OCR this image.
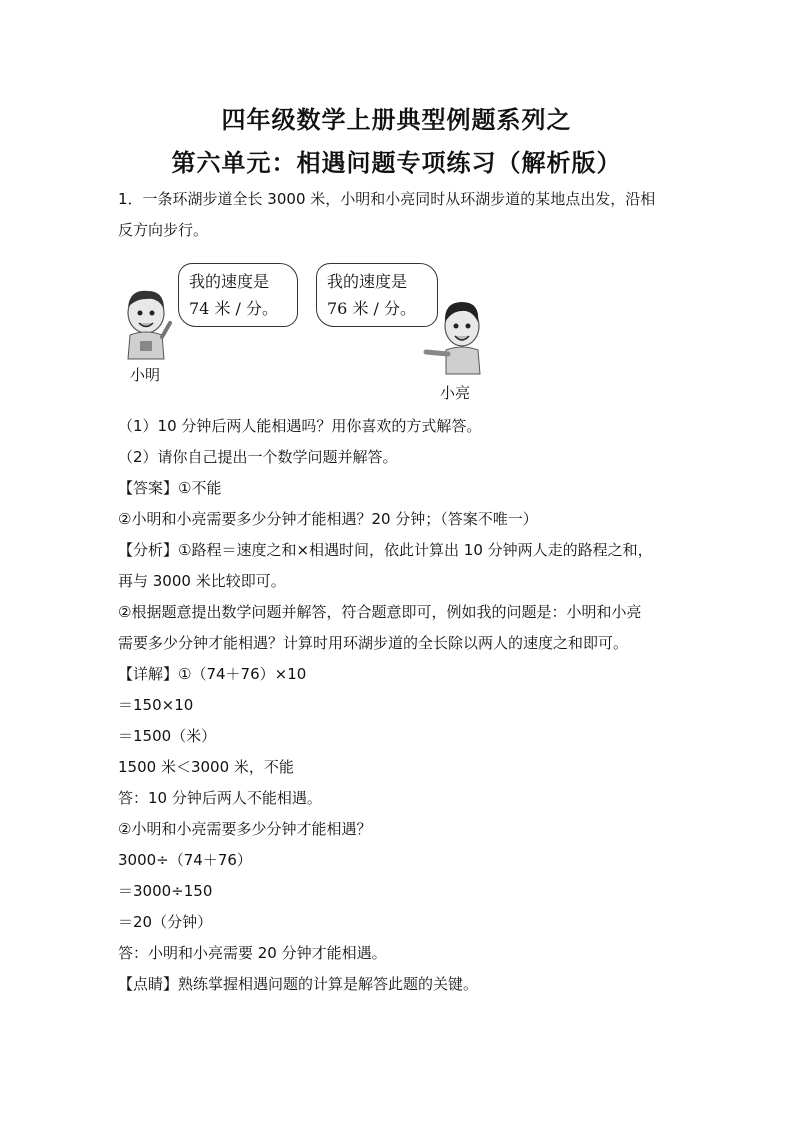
四年级数学上册典型例题系列之
第六单元：相遇问题专项练习（解析版）
1．一条环湖步道全长 3000 米，小明和小亮同时从环湖步道的某地点出发，沿相
反方向步行。
小明
我的速度是
74 米 / 分。
我的速度是
76 米 / 分。
小亮
（1）10 分钟后两人能相遇吗？用你喜欢的方式解答。
（2）请你自己提出一个数学问题并解答。
【答案】①不能
②小明和小亮需要多少分钟才能相遇？20 分钟；（答案不唯一）
【分析】①路程＝速度之和×相遇时间，依此计算出 10 分钟两人走的路程之和，
再与 3000 米比较即可。
②根据题意提出数学问题并解答，符合题意即可，例如我的问题是：小明和小亮
需要多少分钟才能相遇？计算时用环湖步道的全长除以两人的速度之和即可。
【详解】①（74＋76）×10
＝150×10
＝1500（米）
1500 米＜3000 米，不能
答：10 分钟后两人不能相遇。
②小明和小亮需要多少分钟才能相遇？
3000÷（74＋76）
＝3000÷150
＝20（分钟）
答：小明和小亮需要 20 分钟才能相遇。
【点睛】熟练掌握相遇问题的计算是解答此题的关键。
